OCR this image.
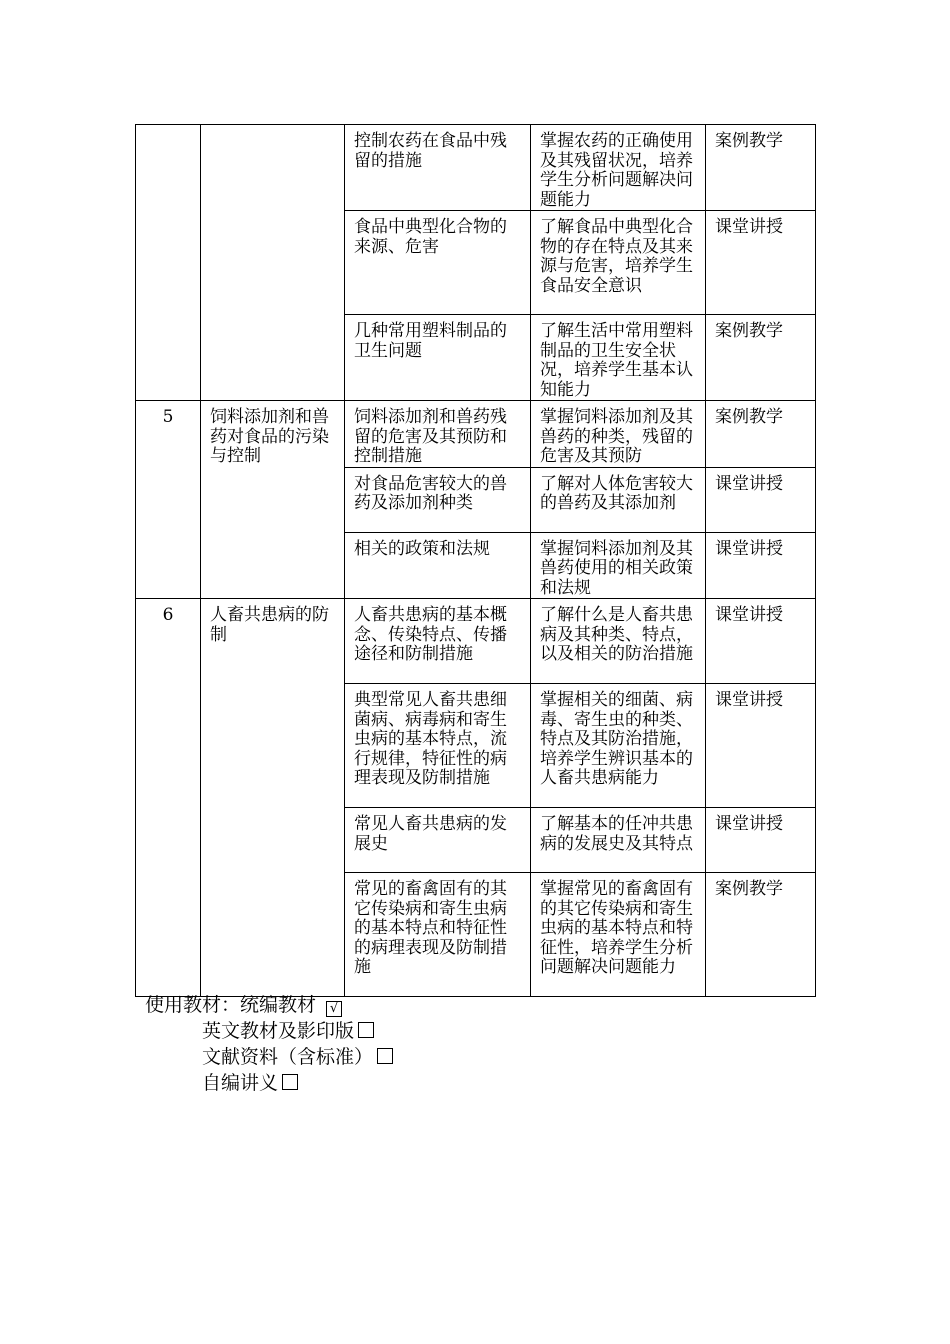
		控制农药在食品中残留的措施	掌握农药的正确使用及其残留状况，培养学生分析问题解决问题能力	案例教学
		食品中典型化合物的来源、危害	了解食品中典型化合物的存在特点及其来源与危害，培养学生食品安全意识	课堂讲授
		几种常用塑料制品的卫生问题	了解生活中常用塑料制品的卫生安全状况，培养学生基本认知能力	案例教学
5	饲料添加剂和兽药对食品的污染与控制	饲料添加剂和兽药残留的危害及其预防和控制措施	掌握饲料添加剂及其兽药的种类，残留的危害及其预防	案例教学
		对食品危害较大的兽药及添加剂种类	了解对人体危害较大的兽药及其添加剂	课堂讲授
		相关的政策和法规	掌握饲料添加剂及其兽药使用的相关政策和法规	课堂讲授
6	人畜共患病的防制	人畜共患病的基本概念、传染特点、传播途径和防制措施	了解什么是人畜共患病及其种类、特点，以及相关的防治措施	课堂讲授
		典型常见人畜共患细菌病、病毒病和寄生虫病的基本特点，流行规律，特征性的病理表现及防制措施	掌握相关的细菌、病毒、寄生虫的种类、特点及其防治措施，培养学生辨识基本的人畜共患病能力	课堂讲授
		常见人畜共患病的发展史	了解基本的任冲共患病的发展史及其特点	课堂讲授
		常见的畜禽固有的其它传染病和寄生虫病的基本特点和特征性的病理表现及防制措施	掌握常见的畜禽固有的其它传染病和寄生虫病的基本特点和特征性，培养学生分析问题解决问题能力	案例教学
使用教材：统编教材 √
英文教材及影印版
文献资料（含标准）
自编讲义
